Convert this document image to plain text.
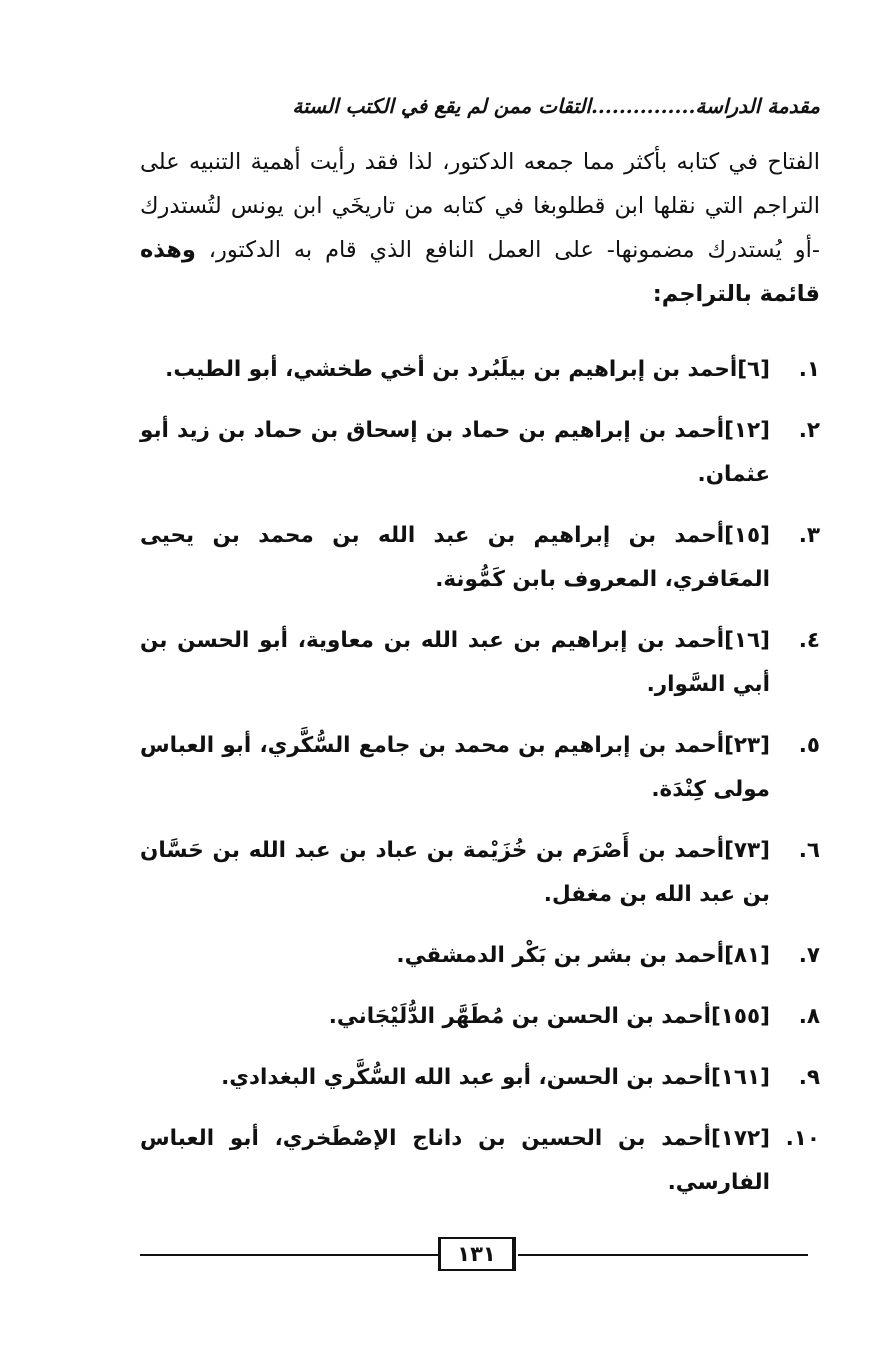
مقدمة الدراسة...............التقات ممن لم يقع في الكتب الستة
الفتاح في كتابه بأكثر مما جمعه الدكتور، لذا فقد رأيت أهمية التنبيه على التراجم التي نقلها ابن قطلوبغا في كتابه من تاريخَي ابن يونس لتُستدرك -أو يُستدرك مضمونها- على العمل النافع الذي قام به الدكتور، وهذه قائمة بالتراجم:
١.
[٦]أحمد بن إبراهيم بن بيلَبُرد بن أخي طخشي، أبو الطيب.
٢.
[١٢]أحمد بن إبراهيم بن حماد بن إسحاق بن حماد بن زيد أبو عثمان.
٣.
[١٥]أحمد بن إبراهيم بن عبد الله بن محمد بن يحيى المعَافري، المعروف بابن كَمُّونة.
٤.
[١٦]أحمد بن إبراهيم بن عبد الله بن معاوية، أبو الحسن بن أبي السَّوار.
٥.
[٢٣]أحمد بن إبراهيم بن محمد بن جامع السُّكَّري، أبو العباس مولى كِنْدَة.
٦.
[٧٣]أحمد بن أَصْرَم بن خُزَيْمة بن عباد بن عبد الله بن حَسَّان بن عبد الله بن مغفل.
٧.
[٨١]أحمد بن بشر بن بَكْر الدمشقي.
٨.
[١٥٥]أحمد بن الحسن بن مُطَهَّر الدُّلَيْجَاني.
٩.
[١٦١]أحمد بن الحسن، أبو عبد الله السُّكَّري البغدادي.
١٠.
[١٧٢]أحمد بن الحسين بن داناج الإصْطَخري، أبو العباس الفارسي.
١٣١
